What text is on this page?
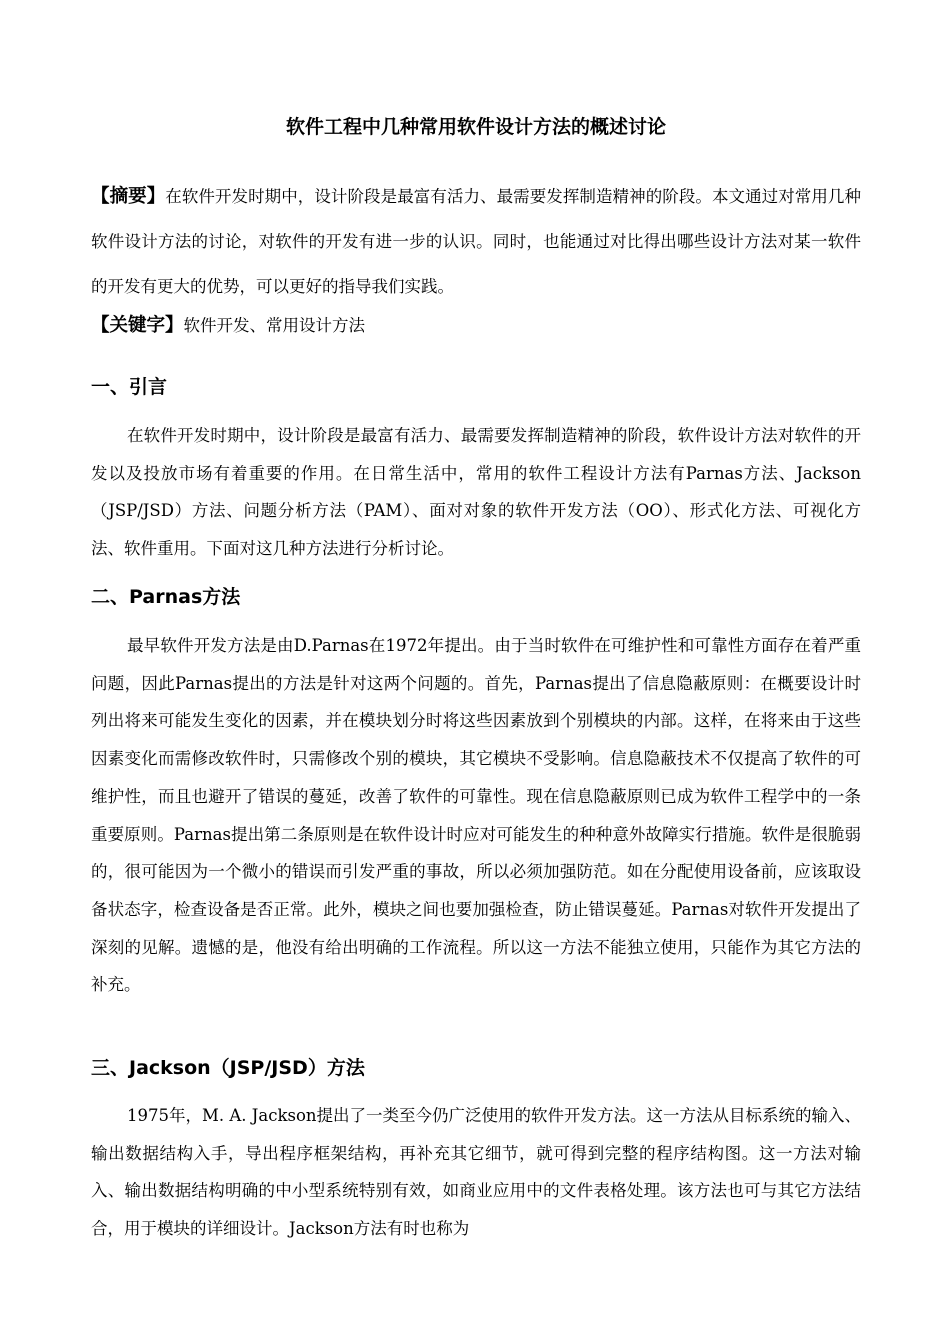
软件工程中几种常用软件设计方法的概述讨论

【摘要】在软件开发时期中，设计阶段是最富有活力、最需要发挥制造精神的阶段。本文通过对常用几种软件设计方法的讨论，对软件的开发有进一步的认识。同时，也能通过对比得出哪些设计方法对某一软件的开发有更大的优势，可以更好的指导我们实践。

【关键字】软件开发、常用设计方法

一、引言

在软件开发时期中，设计阶段是最富有活力、最需要发挥制造精神的阶段，软件设计方法对软件的开发以及投放市场有着重要的作用。在日常生活中，常用的软件工程设计方法有Parnas方法、Jackson（JSP/JSD）方法、问题分析方法（PAM）、面对对象的软件开发方法（OO）、形式化方法、可视化方法、软件重用。下面对这几种方法进行分析讨论。

二、Parnas方法

最早软件开发方法是由D.Parnas在1972年提出。由于当时软件在可维护性和可靠性方面存在着严重问题，因此Parnas提出的方法是针对这两个问题的。首先，Parnas提出了信息隐蔽原则：在概要设计时列出将来可能发生变化的因素，并在模块划分时将这些因素放到个别模块的内部。这样，在将来由于这些因素变化而需修改软件时，只需修改个别的模块，其它模块不受影响。信息隐蔽技术不仅提高了软件的可维护性，而且也避开了错误的蔓延，改善了软件的可靠性。现在信息隐蔽原则已成为软件工程学中的一条重要原则。Parnas提出第二条原则是在软件设计时应对可能发生的种种意外故障实行措施。软件是很脆弱的，很可能因为一个微小的错误而引发严重的事故，所以必须加强防范。如在分配使用设备前，应该取设备状态字，检查设备是否正常。此外，模块之间也要加强检查，防止错误蔓延。Parnas对软件开发提出了深刻的见解。遗憾的是，他没有给出明确的工作流程。所以这一方法不能独立使用，只能作为其它方法的补充。

三、Jackson（JSP/JSD）方法

1975年，M. A. Jackson提出了一类至今仍广泛使用的软件开发方法。这一方法从目标系统的输入、输出数据结构入手，导出程序框架结构，再补充其它细节，就可得到完整的程序结构图。这一方法对输入、输出数据结构明确的中小型系统特别有效，如商业应用中的文件表格处理。该方法也可与其它方法结合，用于模块的详细设计。Jackson方法有时也称为
